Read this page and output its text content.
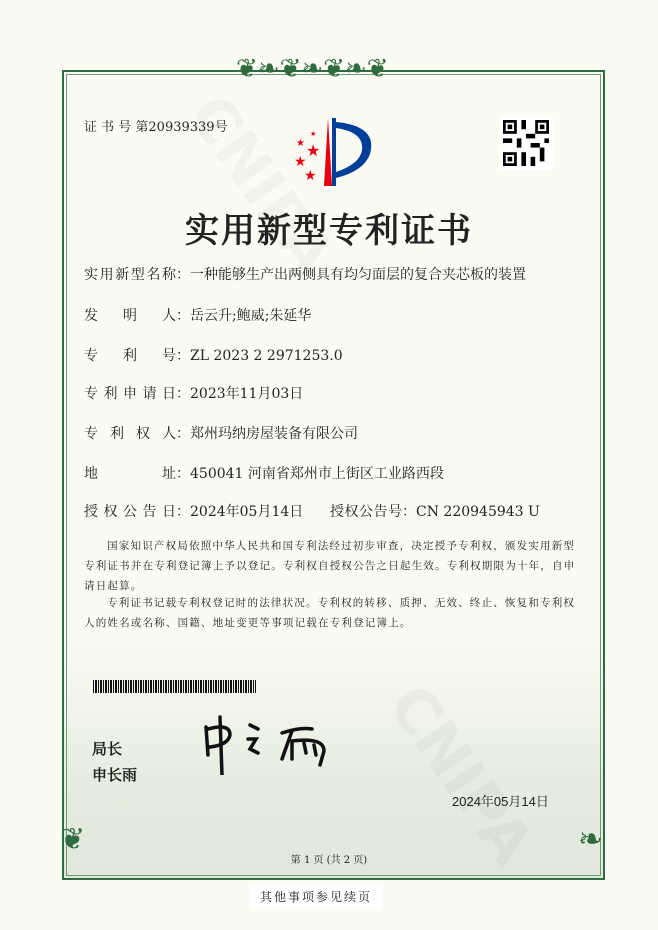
❦❧❦❧❦❧❦
❦	❧
证 书 号 第20939339号
★
★
★
★
★
实用新型专利证书
实用新型名称：一种能够生产出两侧具有均匀面层的复合夹芯板的装置
发明人：岳云升;鲍威;朱延华
专利号：ZL 2023 2 2971253.0
专利申请日：2023年11月03日
专利权人：郑州玛纳房屋装备有限公司
地址：450041 河南省郑州市上街区工业路西段
授权公告日：2024年05月14日 授权公告号：CN 220945943 U
国家知识产权局依照中华人民共和国专利法经过初步审查，决定授予专利权，颁发实用新型专利证书并在专利登记簿上予以登记。专利权自授权公告之日起生效。专利权期限为十年，自申请日起算。
专利证书记载专利权登记时的法律状况。专利权的转移、质押、无效、终止、恢复和专利权人的姓名或名称、国籍、地址变更等事项记载在专利登记簿上。
局长
申长雨
2024年05月14日
第 1 页 (共 2 页)
其他事项参见续页
